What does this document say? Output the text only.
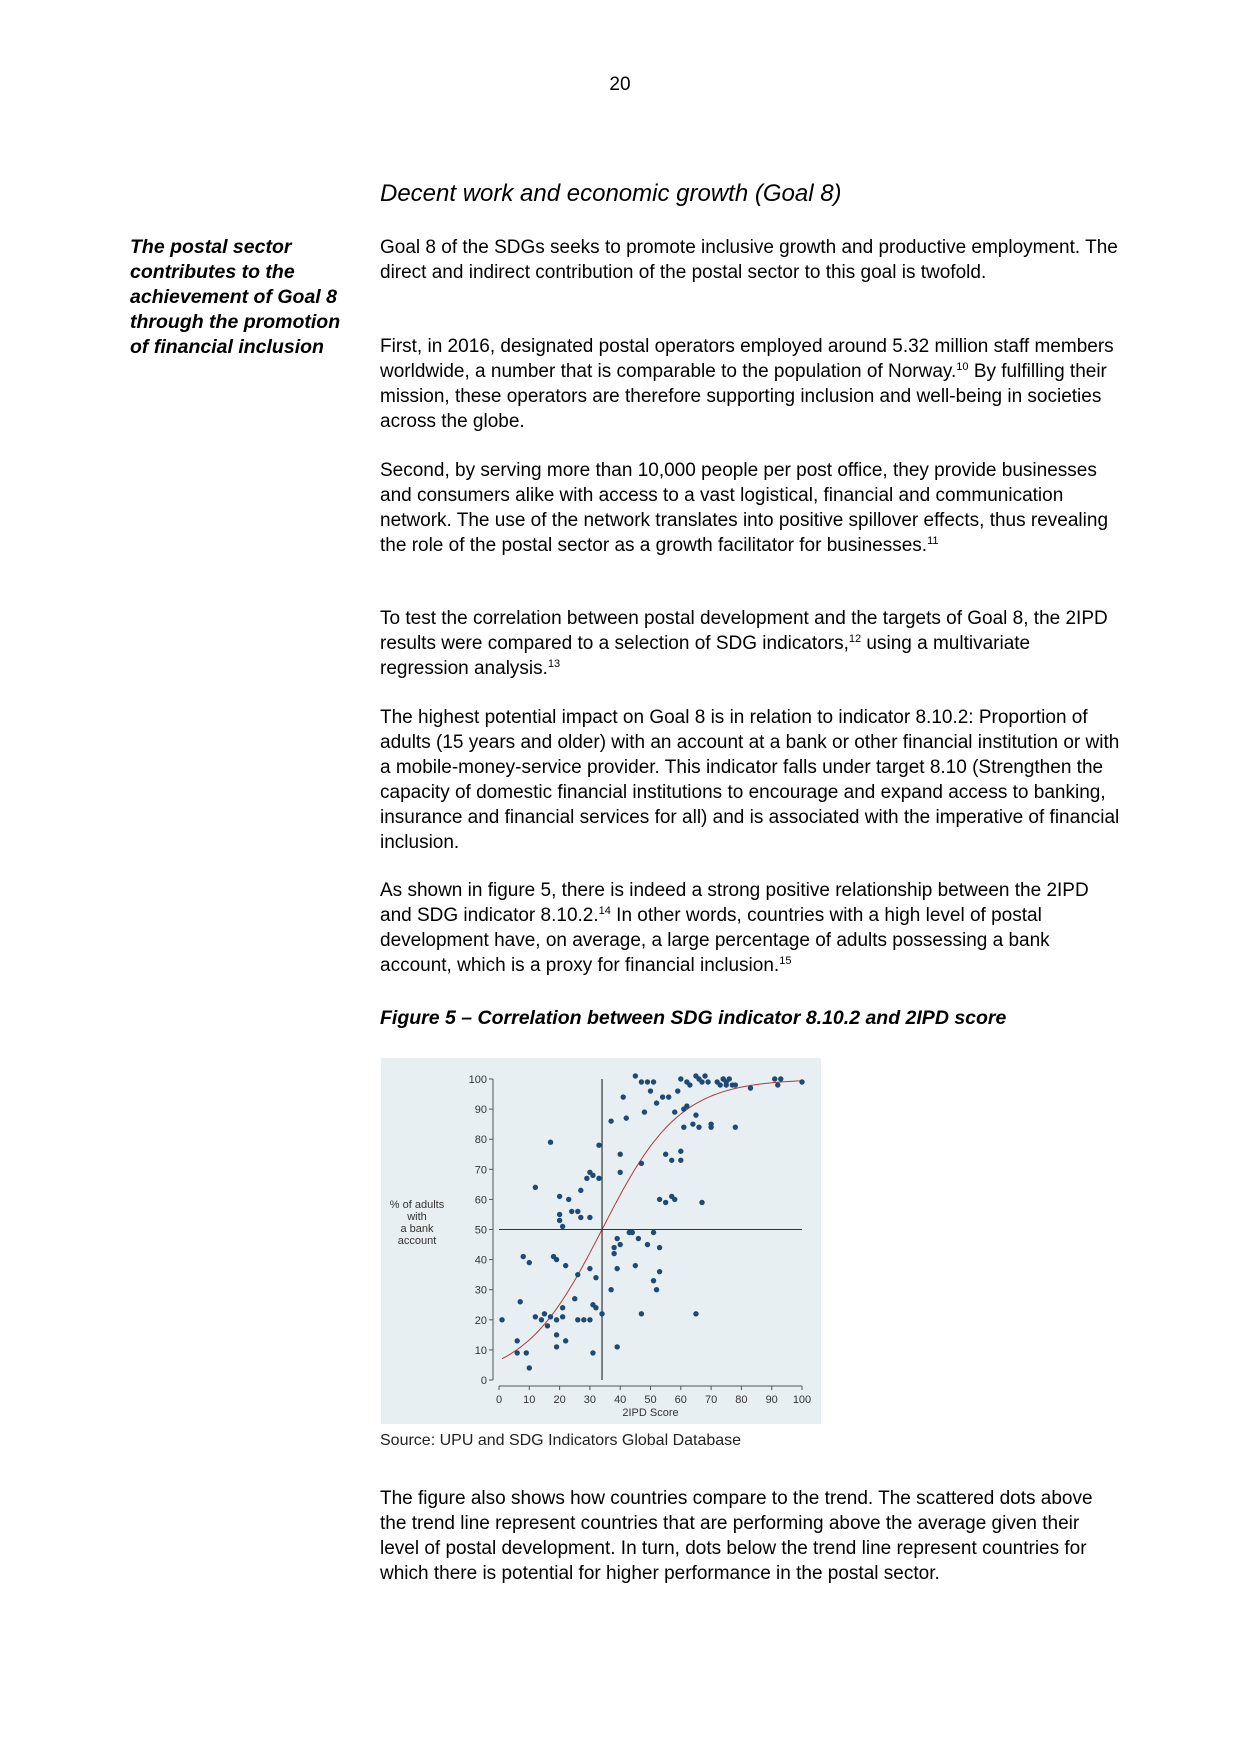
20
Decent work and economic growth (Goal 8)
The postal sector contributes to the achievement of Goal 8 through the promotion of financial inclusion

Goal 8 of the SDGs seeks to promote inclusive growth and productive employment. The direct and indirect contribution of the postal sector to this goal is twofold.

First, in 2016, designated postal operators employed around 5.32 million staff members worldwide, a number that is comparable to the population of Norway.$^{10}$ By fulfilling their mission, these operators are therefore supporting inclusion and well-being in societies across the globe.

Second, by serving more than 10,000 people per post office, they provide businesses and consumers alike with access to a vast logistical, financial and communication network. The use of the network translates into positive spillover effects, thus revealing the role of the postal sector as a growth facilitator for businesses.$^{11}$

To test the correlation between postal development and the targets of Goal 8, the 2IPD results were compared to a selection of SDG indicators,$^{12}$ using a multivariate regression analysis.$^{13}$

The highest potential impact on Goal 8 is in relation to indicator 8.10.2: Proportion of adults (15 years and older) with an account at a bank or other financial institution or with a mobile-money-service provider. This indicator falls under target 8.10 (Strengthen the capacity of domestic financial institutions to encourage and expand access to banking, insurance and financial services for all) and is associated with the imperative of financial inclusion.

As shown in figure 5, there is indeed a strong positive relationship between the 2IPD and SDG indicator 8.10.2.14 In other words, countries with a high level of postal development have, on average, a large percentage of adults possessing a bank account, which is a proxy for financial inclusion.$^{15}$

Figure 5 – Correlation between SDG indicator 8.10.2 and 2IPD score

0
10
20
30
40
50
60
70
80
90
100
0 10 20 30 40 50 60 70 80 90 100
2IPD Score
% of adults with a bank account
Source: UPU and SDG Indicators Global Database

The figure also shows how countries compare to the trend. The scattered dots above the trend line represent countries that are performing above the average given their level of postal development. In turn, dots below the trend line represent countries for which there is potential for higher performance in the postal sector.
